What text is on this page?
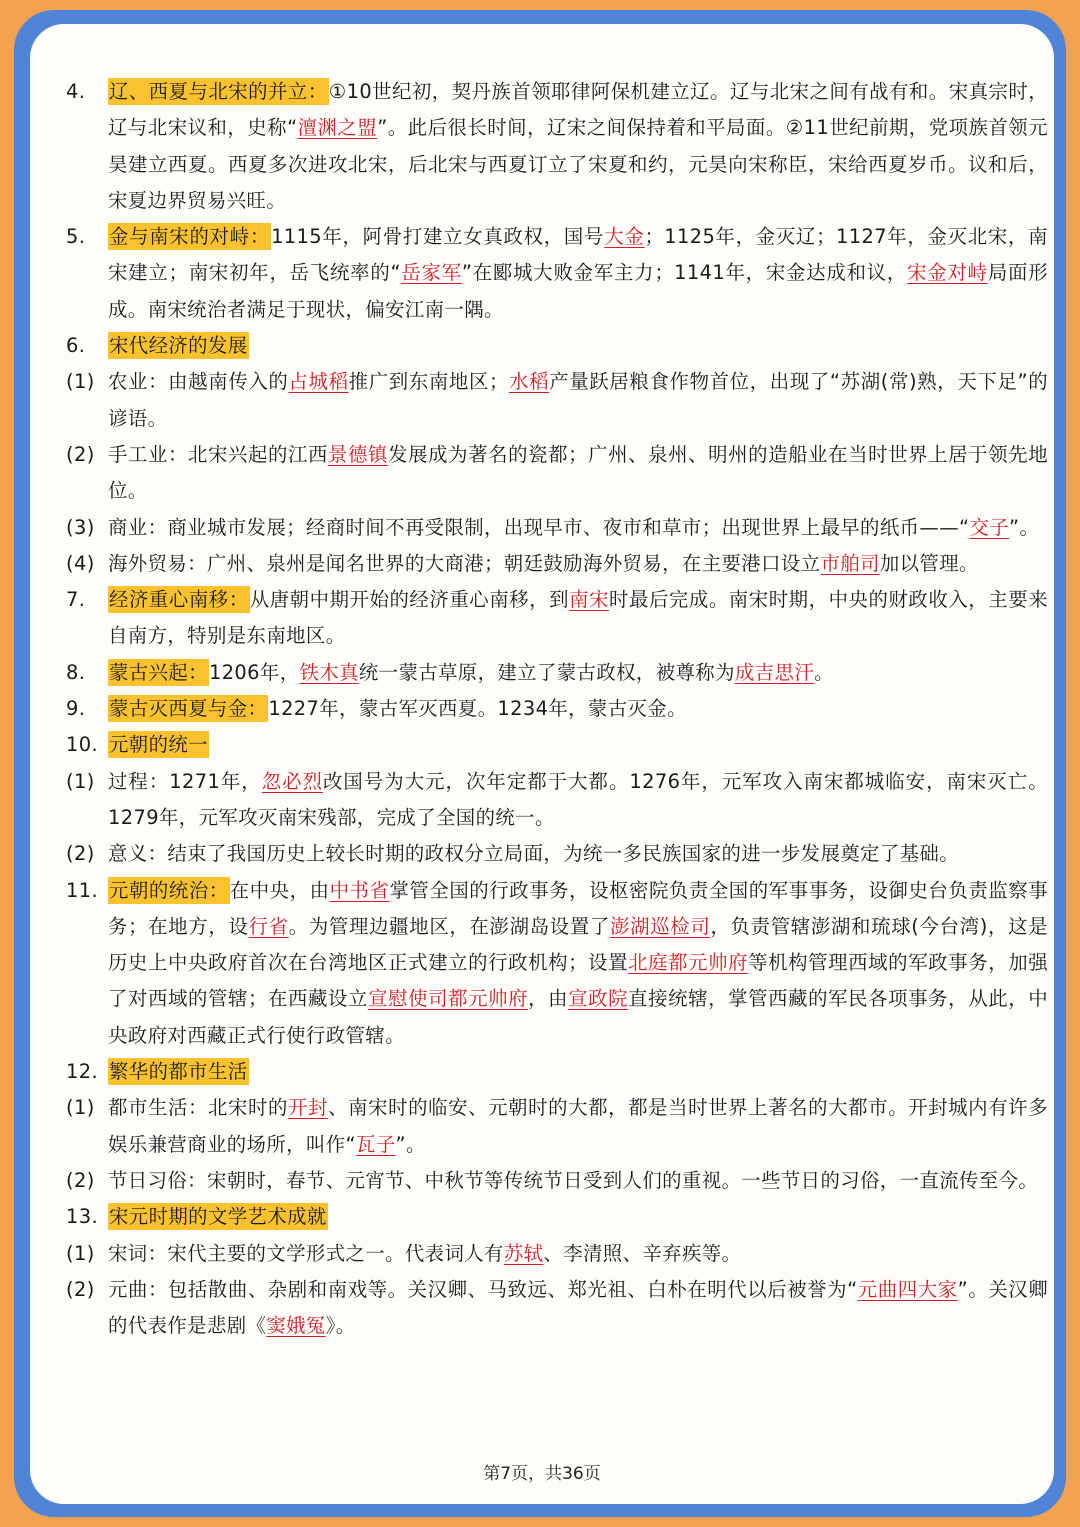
4. 辽、西夏与北宋的并立：①10世纪初，契丹族首领耶律阿保机建立辽。辽与北宋之间有战有和。宋真宗时，辽与北宋议和，史称“澶渊之盟”。此后很长时间，辽宋之间保持着和平局面。②11世纪前期，党项族首领元昊建立西夏。西夏多次进攻北宋，后北宋与西夏订立了宋夏和约，元昊向宋称臣，宋给西夏岁币。议和后，宋夏边界贸易兴旺。
5. 金与南宋的对峙：1115年，阿骨打建立女真政权，国号大金；1125年，金灭辽；1127年，金灭北宋，南宋建立；南宋初年，岳飞统率的“岳家军”在郾城大败金军主力；1141年，宋金达成和议，宋金对峙局面形成。南宋统治者满足于现状，偏安江南一隅。
6. 宋代经济的发展
(1) 农业：由越南传入的占城稻推广到东南地区；水稻产量跃居粮食作物首位，出现了“苏湖(常)熟，天下足”的谚语。
(2) 手工业：北宋兴起的江西景德镇发展成为著名的瓷都；广州、泉州、明州的造船业在当时世界上居于领先地位。
(3) 商业：商业城市发展；经商时间不再受限制，出现早市、夜市和草市；出现世界上最早的纸币——“交子”。
(4) 海外贸易：广州、泉州是闻名世界的大商港；朝廷鼓励海外贸易，在主要港口设立市舶司加以管理。
7. 经济重心南移：从唐朝中期开始的经济重心南移，到南宋时最后完成。南宋时期，中央的财政收入，主要来自南方，特别是东南地区。
8. 蒙古兴起：1206年，铁木真统一蒙古草原，建立了蒙古政权，被尊称为成吉思汗。
9. 蒙古灭西夏与金：1227年，蒙古军灭西夏。1234年，蒙古灭金。
10. 元朝的统一
(1) 过程：1271年，忽必烈改国号为大元，次年定都于大都。1276年，元军攻入南宋都城临安，南宋灭亡。1279年，元军攻灭南宋残部，完成了全国的统一。
(2) 意义：结束了我国历史上较长时期的政权分立局面，为统一多民族国家的进一步发展奠定了基础。
11. 元朝的统治：在中央，由中书省掌管全国的行政事务，设枢密院负责全国的军事事务，设御史台负责监察事务；在地方，设行省。为管理边疆地区，在澎湖岛设置了澎湖巡检司，负责管辖澎湖和琉球(今台湾)，这是历史上中央政府首次在台湾地区正式建立的行政机构；设置北庭都元帅府等机构管理西域的军政事务，加强了对西域的管辖；在西藏设立宣慰使司都元帅府，由宣政院直接统辖，掌管西藏的军民各项事务，从此，中央政府对西藏正式行使行政管辖。
12. 繁华的都市生活
(1) 都市生活：北宋时的开封、南宋时的临安、元朝时的大都，都是当时世界上著名的大都市。开封城内有许多娱乐兼营商业的场所，叫作“瓦子”。
(2) 节日习俗：宋朝时，春节、元宵节、中秋节等传统节日受到人们的重视。一些节日的习俗，一直流传至今。
13. 宋元时期的文学艺术成就
(1) 宋词：宋代主要的文学形式之一。代表词人有苏轼、李清照、辛弃疾等。
(2) 元曲：包括散曲、杂剧和南戏等。关汉卿、马致远、郑光祖、白朴在明代以后被誉为“元曲四大家”。关汉卿的代表作是悲剧《窦娥冤》。
第7页，共36页
